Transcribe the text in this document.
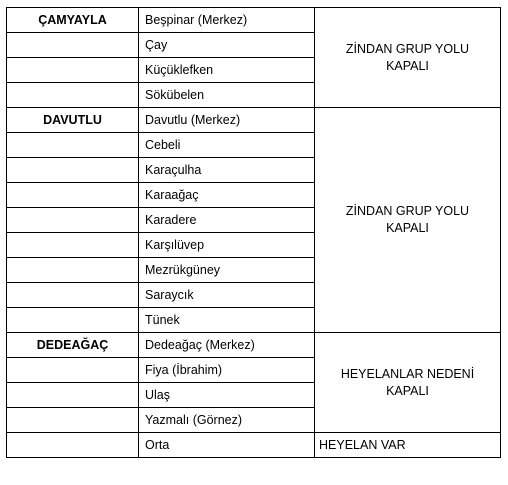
ÇAMYAYLA	Beşpinar (Merkez)	ZİNDAN GRUP YOLU
KAPALI

	Çay	
	Küçüklefken	
	Sökübelen	
DAVUTLU	Davutlu (Merkez)	ZİNDAN GRUP YOLU
KAPALI

	Cebeli	
	Karaçulha	
	Karaağaç	
	Karadere	
	Karşılüvep	
	Mezrükgüney	
	Saraycık	
	Tünek	
DEDEAĞAÇ	Dedeağaç (Merkez)	HEYELANLAR NEDENİ
KAPALI

	Fiya (İbrahim)	
	Ulaş	
	Yazmalı (Görnez)	
	Orta	HEYELAN VAR
